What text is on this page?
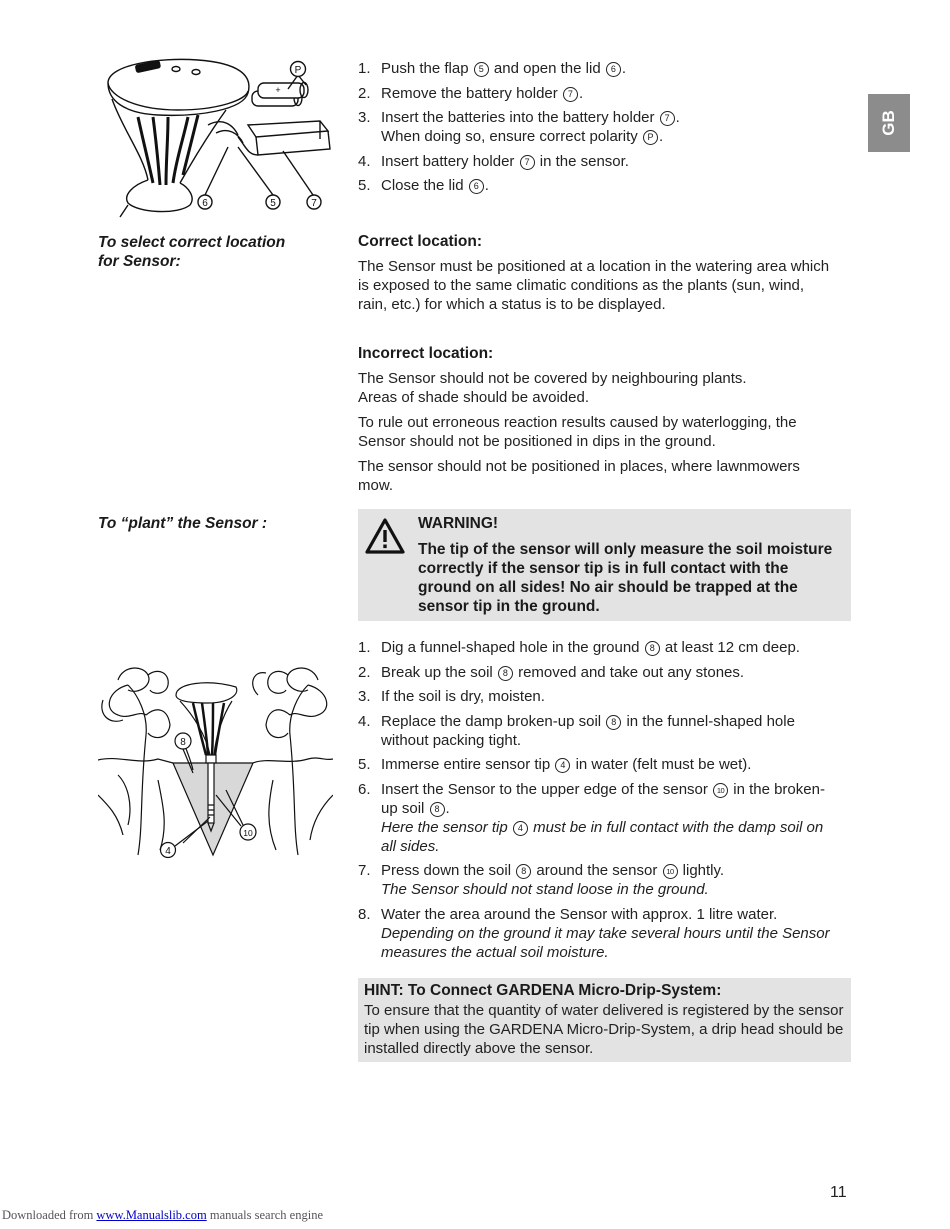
GB
P
+
6	5	7
1. Push the flap 5 and open the lid 6 .
2. Remove the battery holder 7 .
3. Insert the batteries into the battery holder 7 .
When doing so, ensure correct polarity P .
4. Insert battery holder 7 in the sensor.
5. Close the lid 6 .
To select correct location
for Sensor:
Correct location:

The Sensor must be positioned at a location in the watering area which is exposed to the same climatic conditions as the plants (sun, wind, rain, etc.) for which a status is to be displayed.

Incorrect location:

The Sensor should not be covered by neighbouring plants. Areas of shade should be avoided.

To rule out erroneous reaction results caused by waterlogging, the Sensor should not be positioned in dips in the ground.

The sensor should not be positioned in places, where lawnmowers mow.

To “plant” the Sensor :	WARNING!
The tip of the sensor will only measure the soil moisture correctly if the sensor tip is in full contact with the ground on all sides! No air should be trapped at the sensor tip in the ground.
8
10
4
1. Dig a funnel-shaped hole in the ground 8 at least 12 cm deep.
2. Break up the soil 8 removed and take out any stones.
3. If the soil is dry, moisten.
4. Replace the damp broken-up soil 8 in the funnel-shaped hole without packing tight.
5. Immerse entire sensor tip 4 in water (felt must be wet).
6. Insert the Sensor to the upper edge of the sensor 10 in the broken-up soil 8 .
Here the sensor tip 4 must be in full contact with the damp soil on all sides.
7. Press down the soil 8 around the sensor 10 lightly.
The Sensor should not stand loose in the ground.
8. Water the area around the Sensor with approx. 1 litre water.
Depending on the ground it may take several hours until the Sensor measures the actual soil moisture.
HINT: To Connect GARDENA Micro-Drip-System:
To ensure that the quantity of water delivered is registered by the sensor tip when using the GARDENA Micro-Drip-System, a drip head should be installed directly above the sensor.
11
Downloaded from www.Manualslib.com manuals search engine
